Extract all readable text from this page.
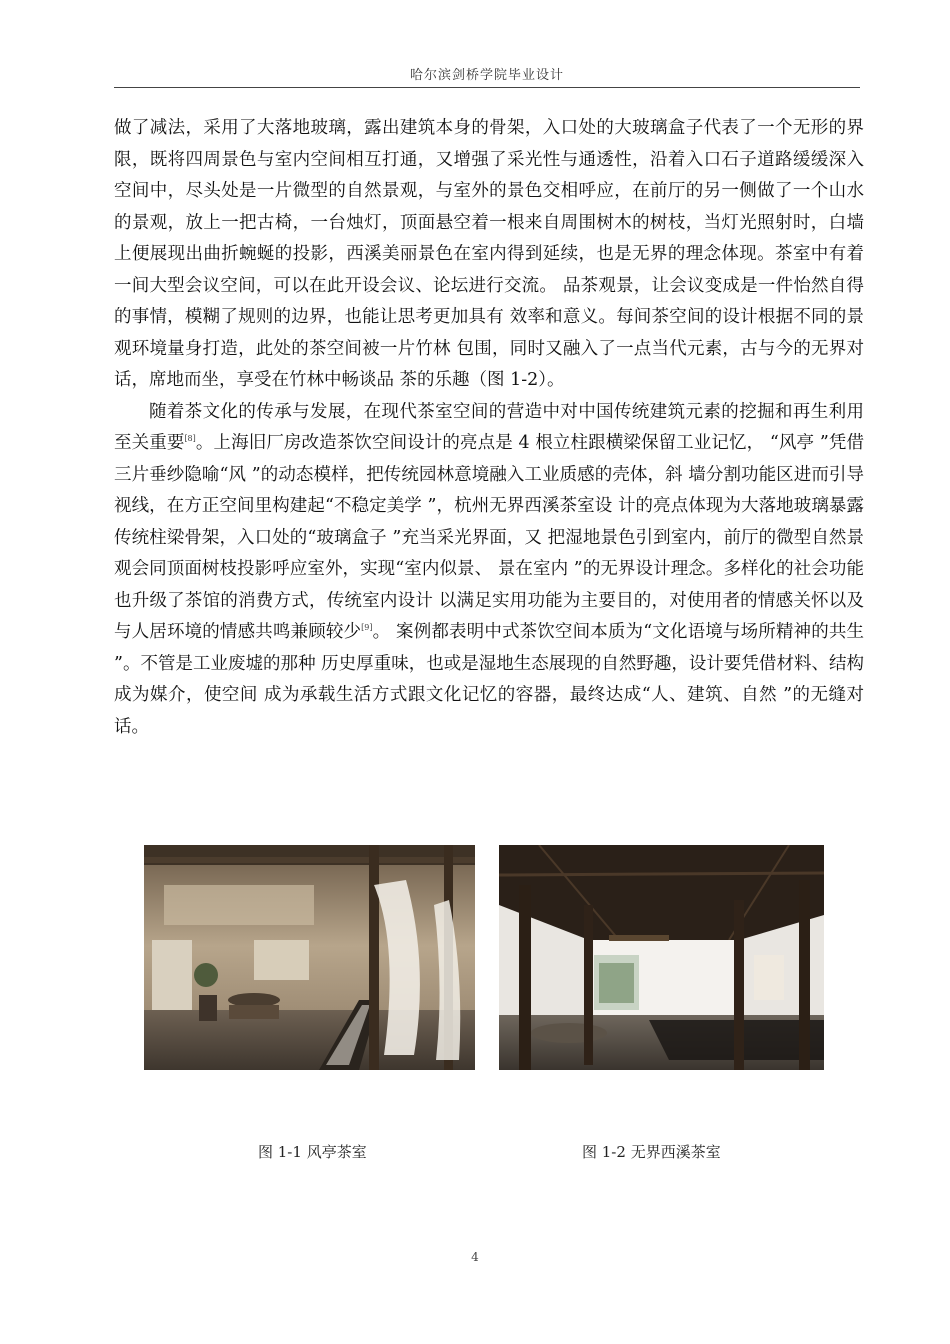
哈尔滨剑桥学院毕业设计

做了减法，采用了大落地玻璃，露出建筑本身的骨架，入口处的大玻璃盒子代表了一个无形的界限，既将四周景色与室内空间相互打通，又增强了采光性与通透性，沿着入口石子道路缓缓深入空间中，尽头处是一片微型的自然景观，与室外的景色交相呼应，在前厅的另一侧做了一个山水的景观，放上一把古椅，一台烛灯，顶面悬空着一根来自周围树木的树枝，当灯光照射时，白墙上便展现出曲折蜿蜒的投影，西溪美丽景色在室内得到延续，也是无界的理念体现。茶室中有着一间大型会议空间，可以在此开设会议、论坛进行交流。 品茶观景，让会议变成是一件怡然自得的事情，模糊了规则的边界，也能让思考更加具有 效率和意义。每间茶空间的设计根据不同的景观环境量身打造，此处的茶空间被一片竹林 包围，同时又融入了一点当代元素，古与今的无界对话，席地而坐，享受在竹林中畅谈品 茶的乐趣（图 1-2）。

随着茶文化的传承与发展，在现代茶室空间的营造中对中国传统建筑元素的挖掘和再生利用至关重要[8]。上海旧厂房改造茶饮空间设计的亮点是 4 根立柱跟横梁保留工业记忆， “风亭 ”凭借三片垂纱隐喻“风 ”的动态模样，把传统园林意境融入工业质感的壳体，斜 墙分割功能区进而引导视线，在方正空间里构建起“不稳定美学 ”，杭州无界西溪茶室设 计的亮点体现为大落地玻璃暴露传统柱梁骨架，入口处的“玻璃盒子 ”充当采光界面，又 把湿地景色引到室内，前厅的微型自然景观会同顶面树枝投影呼应室外，实现“室内似景、 景在室内 ”的无界设计理念。多样化的社会功能也升级了茶馆的消费方式，传统室内设计 以满足实用功能为主要目的，对使用者的情感关怀以及与人居环境的情感共鸣兼顾较少[9]。 案例都表明中式茶饮空间本质为“文化语境与场所精神的共生 ”。不管是工业废墟的那种 历史厚重味，也或是湿地生态展现的自然野趣，设计要凭借材料、结构成为媒介，使空间 成为承载生活方式跟文化记忆的容器，最终达成“人、建筑、自然 ”的无缝对话。

图 1-1 风亭茶室	图 1-2 无界西溪茶室
4
